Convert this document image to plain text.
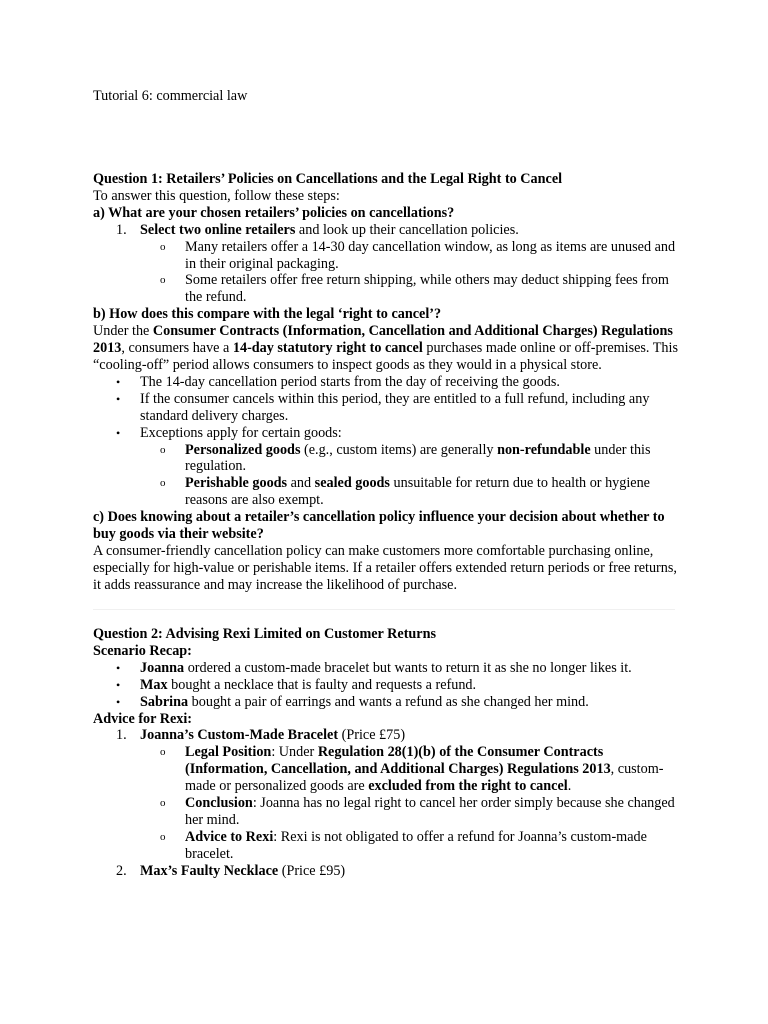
Tutorial 6: commercial law

Question 1: Retailers’ Policies on Cancellations and the Legal Right to Cancel

To answer this question, follow these steps:

a) What are your chosen retailers’ policies on cancellations?

1. Select two online retailers and look up their cancellation policies.
o	Many retailers offer a 14-30 day cancellation window, as long as items are unused and in their original packaging.
o	Some retailers offer free return shipping, while others may deduct shipping fees from the refund.

b) How does this compare with the legal ‘right to cancel’?

Under the Consumer Contracts (Information, Cancellation and Additional Charges) Regulations 2013, consumers have a 14-day statutory right to cancel purchases made online or off-premises. This “cooling-off” period allows consumers to inspect goods as they would in a physical store.

•	The 14-day cancellation period starts from the day of receiving the goods.
•	If the consumer cancels within this period, they are entitled to a full refund, including any standard delivery charges.
•	Exceptions apply for certain goods:
o	Personalized goods (e.g., custom items) are generally non-refundable under this regulation.
o	Perishable goods and sealed goods unsuitable for return due to health or hygiene reasons are also exempt.

c) Does knowing about a retailer’s cancellation policy influence your decision about whether to buy goods via their website?

A consumer-friendly cancellation policy can make customers more comfortable purchasing online, especially for high-value or perishable items. If a retailer offers extended return periods or free returns, it adds reassurance and may increase the likelihood of purchase.

Question 2: Advising Rexi Limited on Customer Returns

Scenario Recap:

•	Joanna ordered a custom-made bracelet but wants to return it as she no longer likes it.
•	Max bought a necklace that is faulty and requests a refund.
•	Sabrina bought a pair of earrings and wants a refund as she changed her mind.

Advice for Rexi:

1. Joanna’s Custom-Made Bracelet (Price £75)
o	Legal Position: Under Regulation 28(1)(b) of the Consumer Contracts (Information, Cancellation, and Additional Charges) Regulations 2013, custom-made or personalized goods are excluded from the right to cancel.
o	Conclusion: Joanna has no legal right to cancel her order simply because she changed her mind.
o	Advice to Rexi: Rexi is not obligated to offer a refund for Joanna’s custom-made bracelet.
2. Max’s Faulty Necklace (Price £95)
